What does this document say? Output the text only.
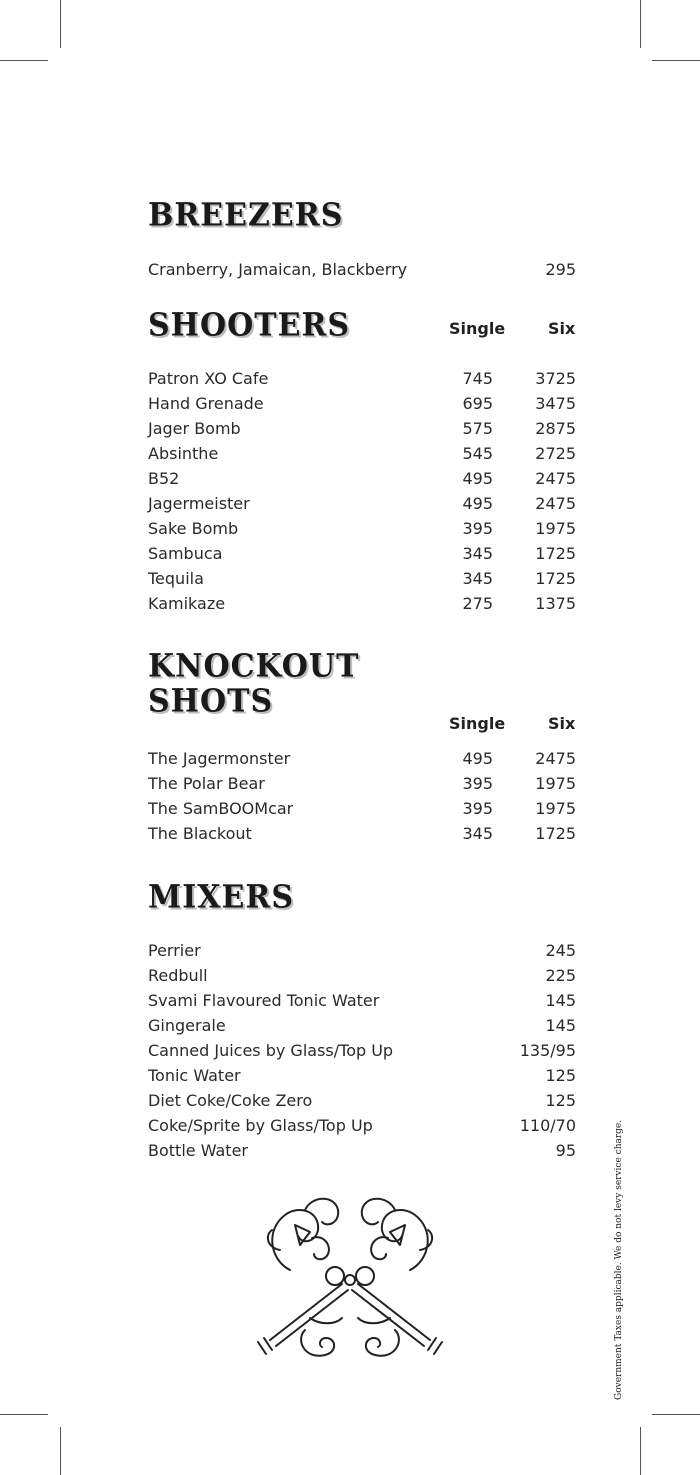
BREEZERS
Cranberry, Jamaican, Blackberry	295
SHOOTERS	Single	Six
Patron XO Cafe	745	3725
Hand Grenade	695	3475
Jager Bomb	575	2875
Absinthe	545	2725
B52	495	2475
Jagermeister	495	2475
Sake Bomb	395	1975
Sambuca	345	1725
Tequila	345	1725
Kamikaze	275	1375
KNOCKOUT
SHOTS
Single	Six
The Jagermonster	495	2475
The Polar Bear	395	1975
The SamBOOMcar	395	1975
The Blackout	345	1725
MIXERS
Perrier	245
Redbull	225
Svami Flavoured Tonic Water	145
Gingerale	145
Canned Juices by Glass/Top Up	135/95
Tonic Water	125
Diet Coke/Coke Zero	125
Coke/Sprite by Glass/Top Up	110/70
Bottle Water	95	Government Taxes applicable. We do not levy service charge.
